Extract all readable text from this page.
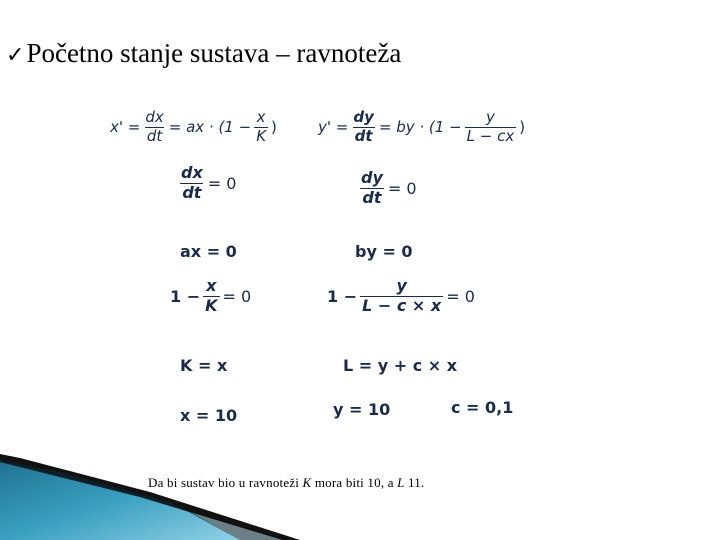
✓Početno stanje sustava – ravnoteža
$x' = \frac{dx}{dt}$ = ax · ($1 - \frac{x}{K}$ )	$y' = \frac{dy}{dt}$ = by · ($1 - \frac{y}{L - cx}$ )
$\frac{dx}{dt} = 0$	$\frac{dy}{dt} = 0$
ax = 0	by = 0
$1 - \frac{x}{K} = 0$	$1 - \frac{y}{L - c \times x} = 0$
K = x	L = y + c × x
x = 10	y = 10	c = 0,1
Da bi sustav bio u ravnoteži K mora biti 10, a L 11.
